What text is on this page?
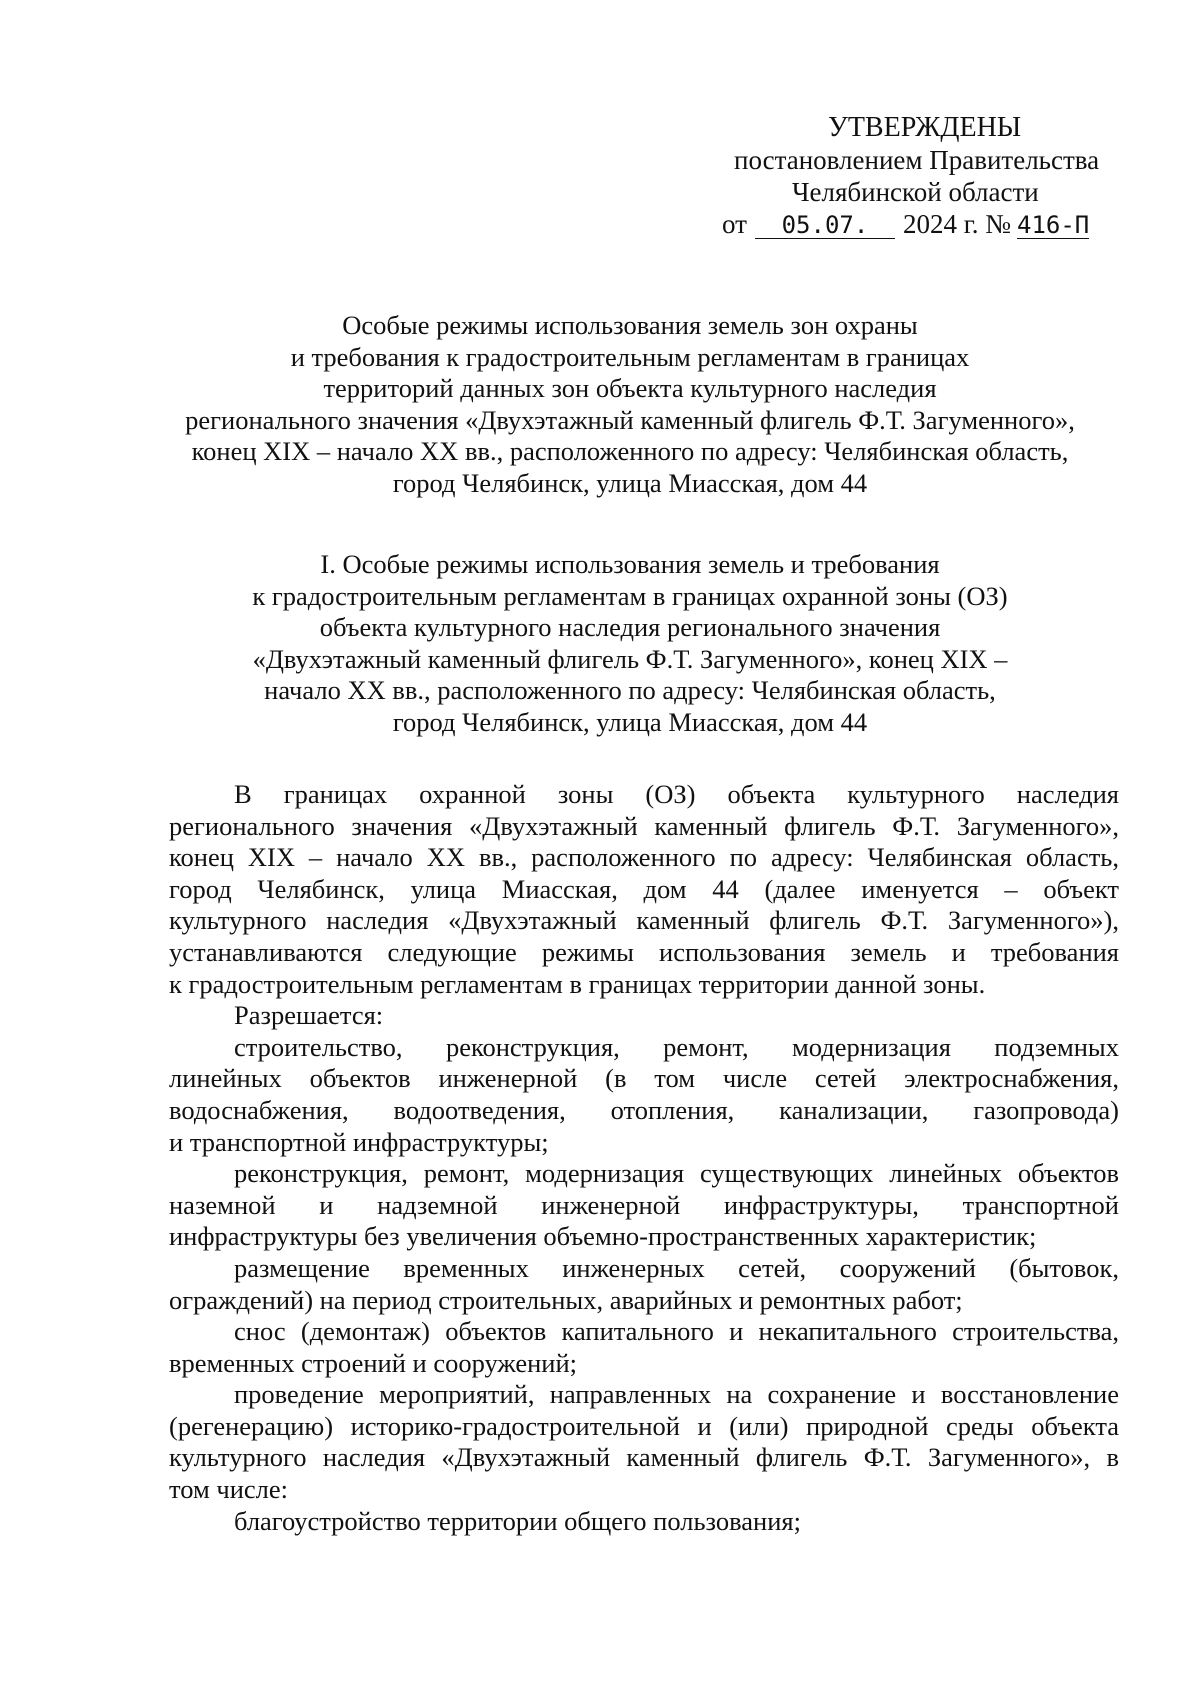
УТВЕРЖДЕНЫ
постановлением Правительства
Челябинской области
от 05.07. 2024 г. № 416-П
Особые режимы использования земель зон охраны
и требования к градостроительным регламентам в границах
территорий данных зон объекта культурного наследия
регионального значения «Двухэтажный каменный флигель Ф.Т. Загуменного»,
конец XIX – начало XX вв., расположенного по адресу: Челябинская область,
город Челябинск, улица Миасская, дом 44
I. Особые режимы использования земель и требования
к градостроительным регламентам в границах охранной зоны (ОЗ)
объекта культурного наследия регионального значения
«Двухэтажный каменный флигель Ф.Т. Загуменного», конец XIX –
начало XX вв., расположенного по адресу: Челябинская область,
город Челябинск, улица Миасская, дом 44
В границах охранной зоны (ОЗ) объекта культурного наследия
регионального значения «Двухэтажный каменный флигель Ф.Т. Загуменного»,
конец XIX – начало XX вв., расположенного по адресу: Челябинская область,
город Челябинск, улица Миасская, дом 44 (далее именуется – объект
культурного наследия «Двухэтажный каменный флигель Ф.Т. Загуменного»),
устанавливаются следующие режимы использования земель и требования
к градостроительным регламентам в границах территории данной зоны.
Разрешается:
строительство, реконструкция, ремонт, модернизация подземных
линейных объектов инженерной (в том числе сетей электроснабжения,
водоснабжения, водоотведения, отопления, канализации, газопровода)
и транспортной инфраструктуры;
реконструкция, ремонт, модернизация существующих линейных объектов
наземной и надземной инженерной инфраструктуры, транспортной
инфраструктуры без увеличения объемно-пространственных характеристик;
размещение временных инженерных сетей, сооружений (бытовок,
ограждений) на период строительных, аварийных и ремонтных работ;
снос (демонтаж) объектов капитального и некапитального строительства,
временных строений и сооружений;
проведение мероприятий, направленных на сохранение и восстановление
(регенерацию) историко-градостроительной и (или) природной среды объекта
культурного наследия «Двухэтажный каменный флигель Ф.Т. Загуменного», в
том числе:
благоустройство территории общего пользования;
